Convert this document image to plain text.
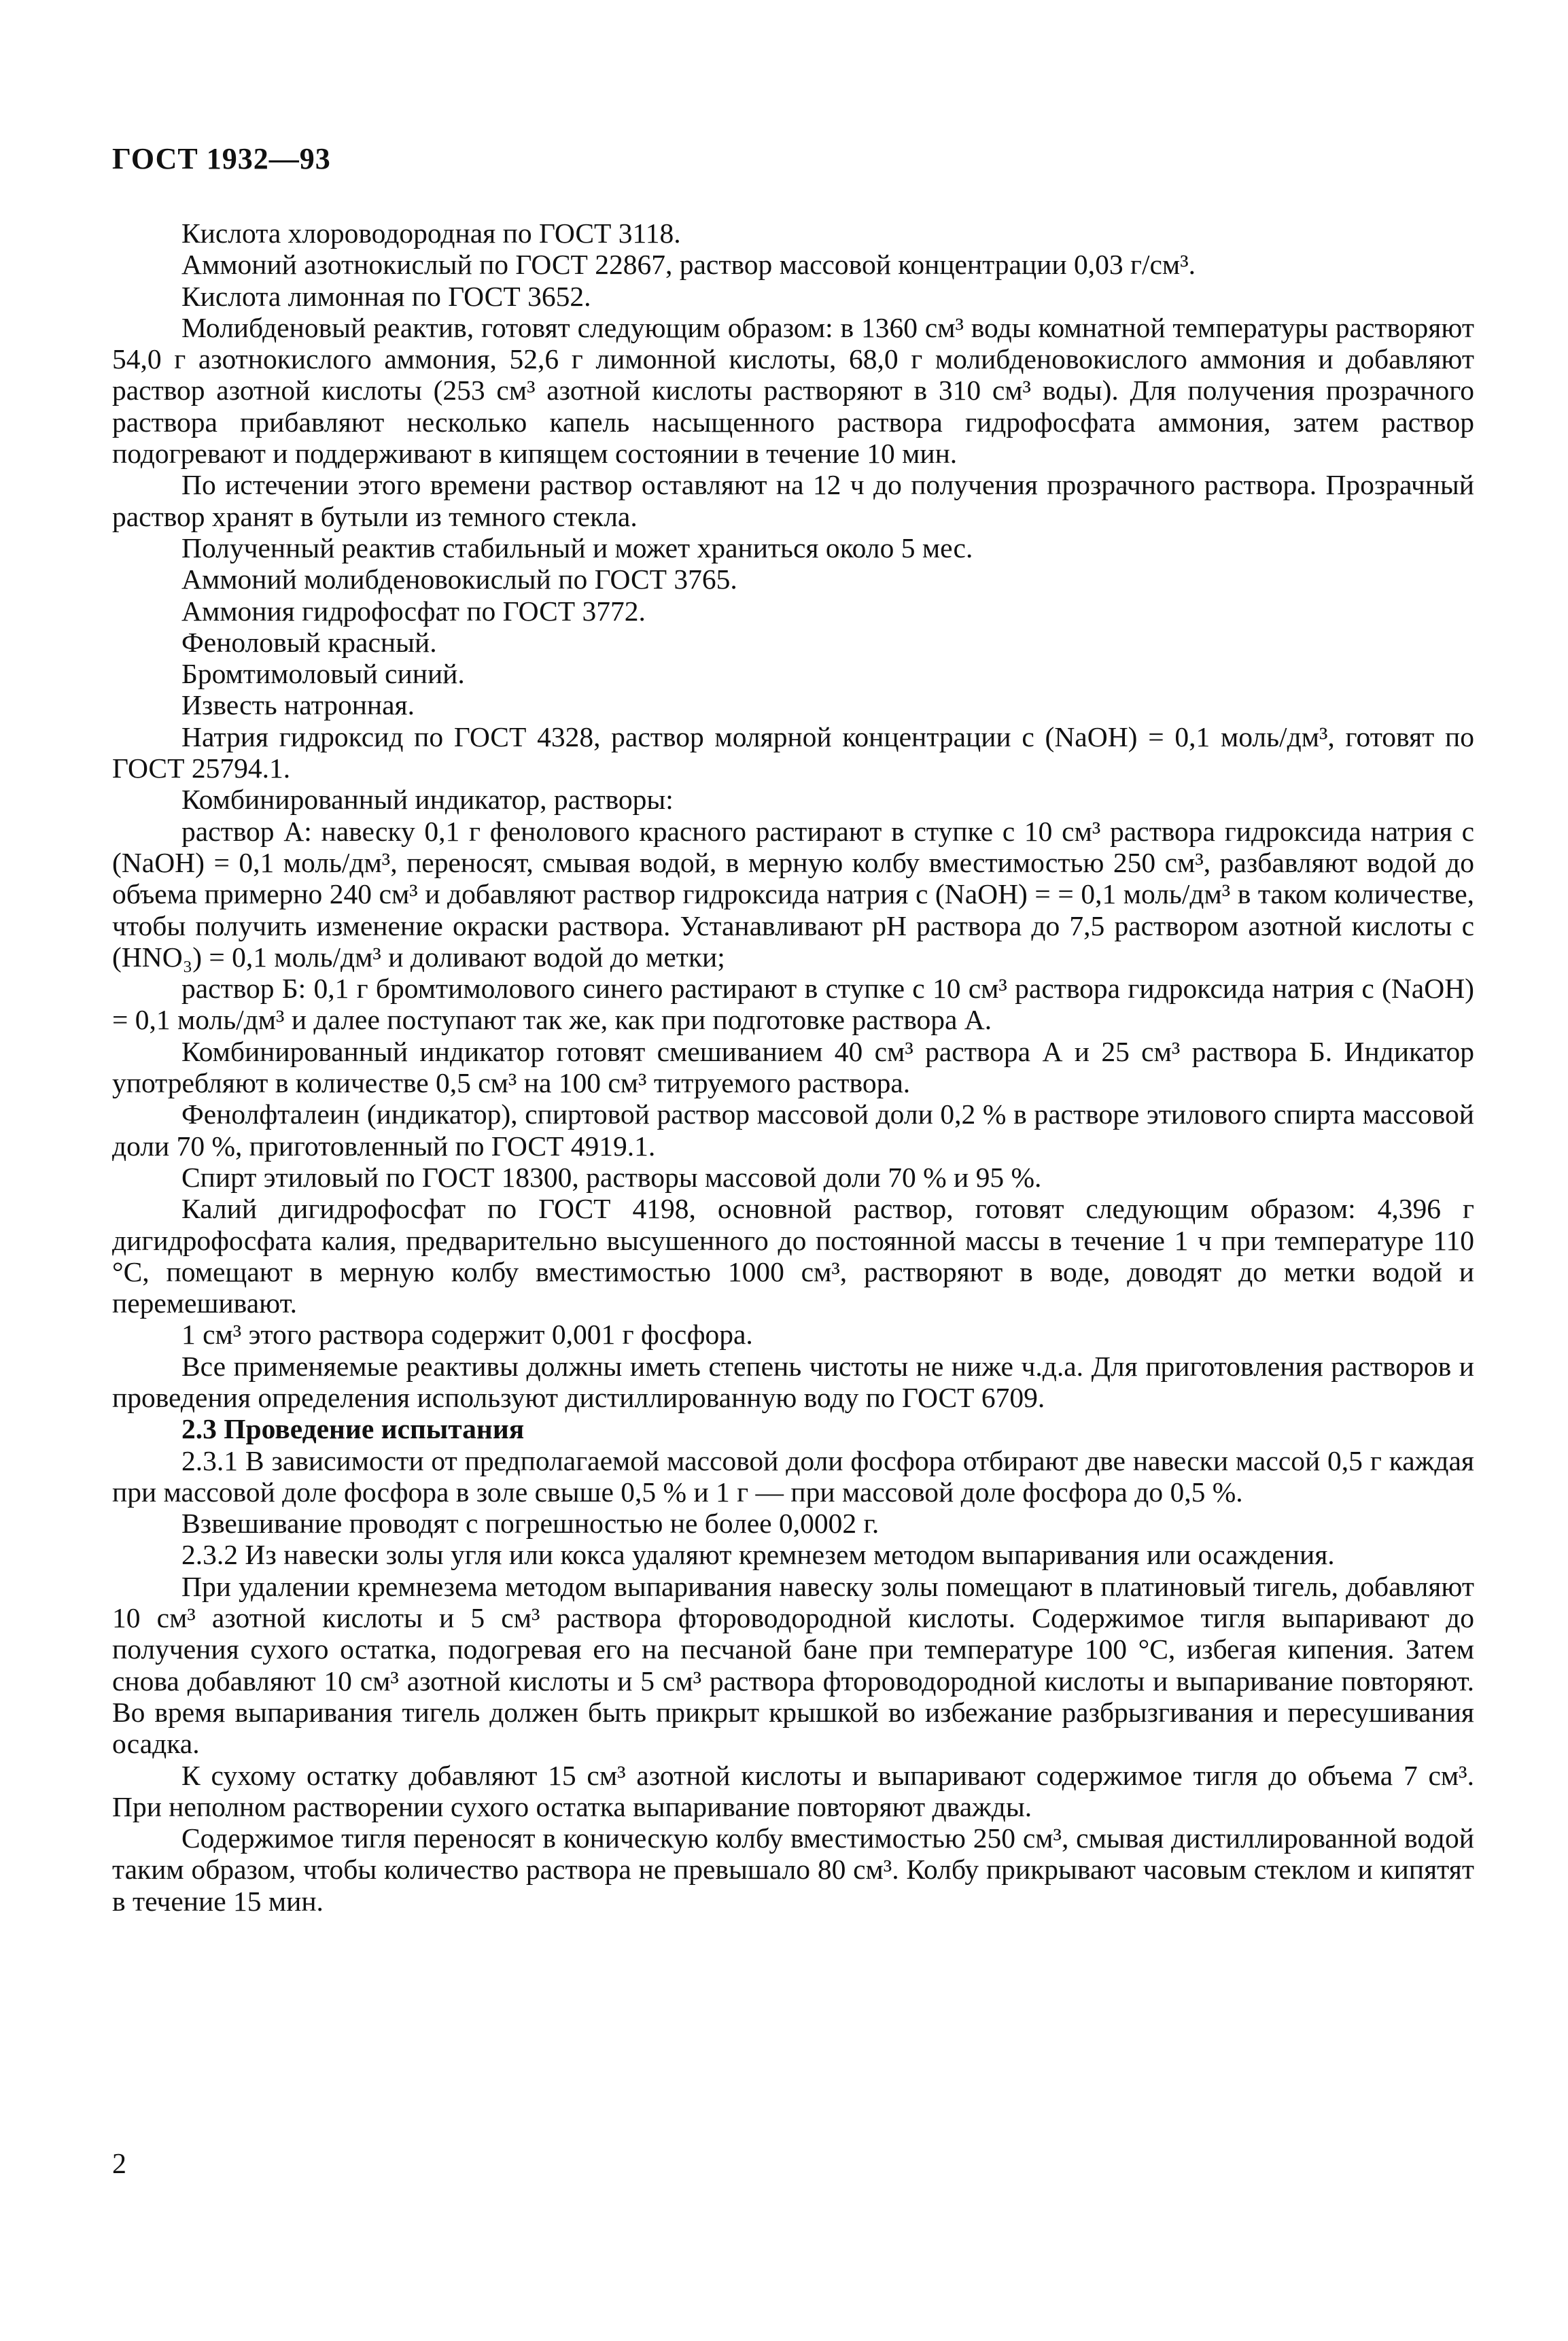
ГОСТ 1932—93

Кислота хлороводородная по ГОСТ 3118.

Аммоний азотнокислый по ГОСТ 22867, раствор массовой концентрации 0,03 г/см³.

Кислота лимонная по ГОСТ 3652.

Молибденовый реактив, готовят следующим образом: в 1360 см³ воды комнатной температуры растворяют 54,0 г азотнокислого аммония, 52,6 г лимонной кислоты, 68,0 г молибденовокислого аммония и добавляют раствор азотной кислоты (253 см³ азотной кислоты растворяют в 310 см³ воды). Для получения прозрачного раствора прибавляют несколько капель насыщенного раствора гидрофосфата аммония, затем раствор подогревают и поддерживают в кипящем состоянии в течение 10 мин.

По истечении этого времени раствор оставляют на 12 ч до получения прозрачного раствора. Прозрачный раствор хранят в бутыли из темного стекла.

Полученный реактив стабильный и может храниться около 5 мес.

Аммоний молибденовокислый по ГОСТ 3765.

Аммония гидрофосфат по ГОСТ 3772.

Феноловый красный.

Бромтимоловый синий.

Известь натронная.

Натрия гидроксид по ГОСТ 4328, раствор молярной концентрации c (NaOH) = 0,1 моль/дм³, готовят по ГОСТ 25794.1.

Комбинированный индикатор, растворы:

раствор А: навеску 0,1 г фенолового красного растирают в ступке с 10 см³ раствора гидроксида натрия c (NaOH) = 0,1 моль/дм³, переносят, смывая водой, в мерную колбу вместимостью 250 см³, разбавляют водой до объема примерно 240 см³ и добавляют раствор гидроксида натрия c (NaOH) = = 0,1 моль/дм³ в таком количестве, чтобы получить изменение окраски раствора. Устанавливают pH раствора до 7,5 раствором азотной кислоты c (HNO₃) = 0,1 моль/дм³ и доливают водой до метки;

раствор Б: 0,1 г бромтимолового синего растирают в ступке с 10 см³ раствора гидроксида натрия c (NaOH) = 0,1 моль/дм³ и далее поступают так же, как при подготовке раствора А.

Комбинированный индикатор готовят смешиванием 40 см³ раствора А и 25 см³ раствора Б. Индикатор употребляют в количестве 0,5 см³ на 100 см³ титруемого раствора.

Фенолфталеин (индикатор), спиртовой раствор массовой доли 0,2 % в растворе этилового спирта массовой доли 70 %, приготовленный по ГОСТ 4919.1.

Спирт этиловый по ГОСТ 18300, растворы массовой доли 70 % и 95 %.

Калий дигидрофосфат по ГОСТ 4198, основной раствор, готовят следующим образом: 4,396 г дигидрофосфата калия, предварительно высушенного до постоянной массы в течение 1 ч при температуре 110 °С, помещают в мерную колбу вместимостью 1000 см³, растворяют в воде, доводят до метки водой и перемешивают.

1 см³ этого раствора содержит 0,001 г фосфора.

Все применяемые реактивы должны иметь степень чистоты не ниже ч.д.а. Для приготовления растворов и проведения определения используют дистиллированную воду по ГОСТ 6709.

2.3 Проведение испытания

2.3.1 В зависимости от предполагаемой массовой доли фосфора отбирают две навески массой 0,5 г каждая при массовой доле фосфора в золе свыше 0,5 % и 1 г — при массовой доле фосфора до 0,5 %.

Взвешивание проводят с погрешностью не более 0,0002 г.

2.3.2 Из навески золы угля или кокса удаляют кремнезем методом выпаривания или осаждения.

При удалении кремнезема методом выпаривания навеску золы помещают в платиновый тигель, добавляют 10 см³ азотной кислоты и 5 см³ раствора фтороводородной кислоты. Содержимое тигля выпаривают до получения сухого остатка, подогревая его на песчаной бане при температуре 100 °С, избегая кипения. Затем снова добавляют 10 см³ азотной кислоты и 5 см³ раствора фтороводородной кислоты и выпаривание повторяют. Во время выпаривания тигель должен быть прикрыт крышкой во избежание разбрызгивания и пересушивания осадка.

К сухому остатку добавляют 15 см³ азотной кислоты и выпаривают содержимое тигля до объема 7 см³. При неполном растворении сухого остатка выпаривание повторяют дважды.

Содержимое тигля переносят в коническую колбу вместимостью 250 см³, смывая дистиллированной водой таким образом, чтобы количество раствора не превышало 80 см³. Колбу прикрывают часовым стеклом и кипятят в течение 15 мин.

2
